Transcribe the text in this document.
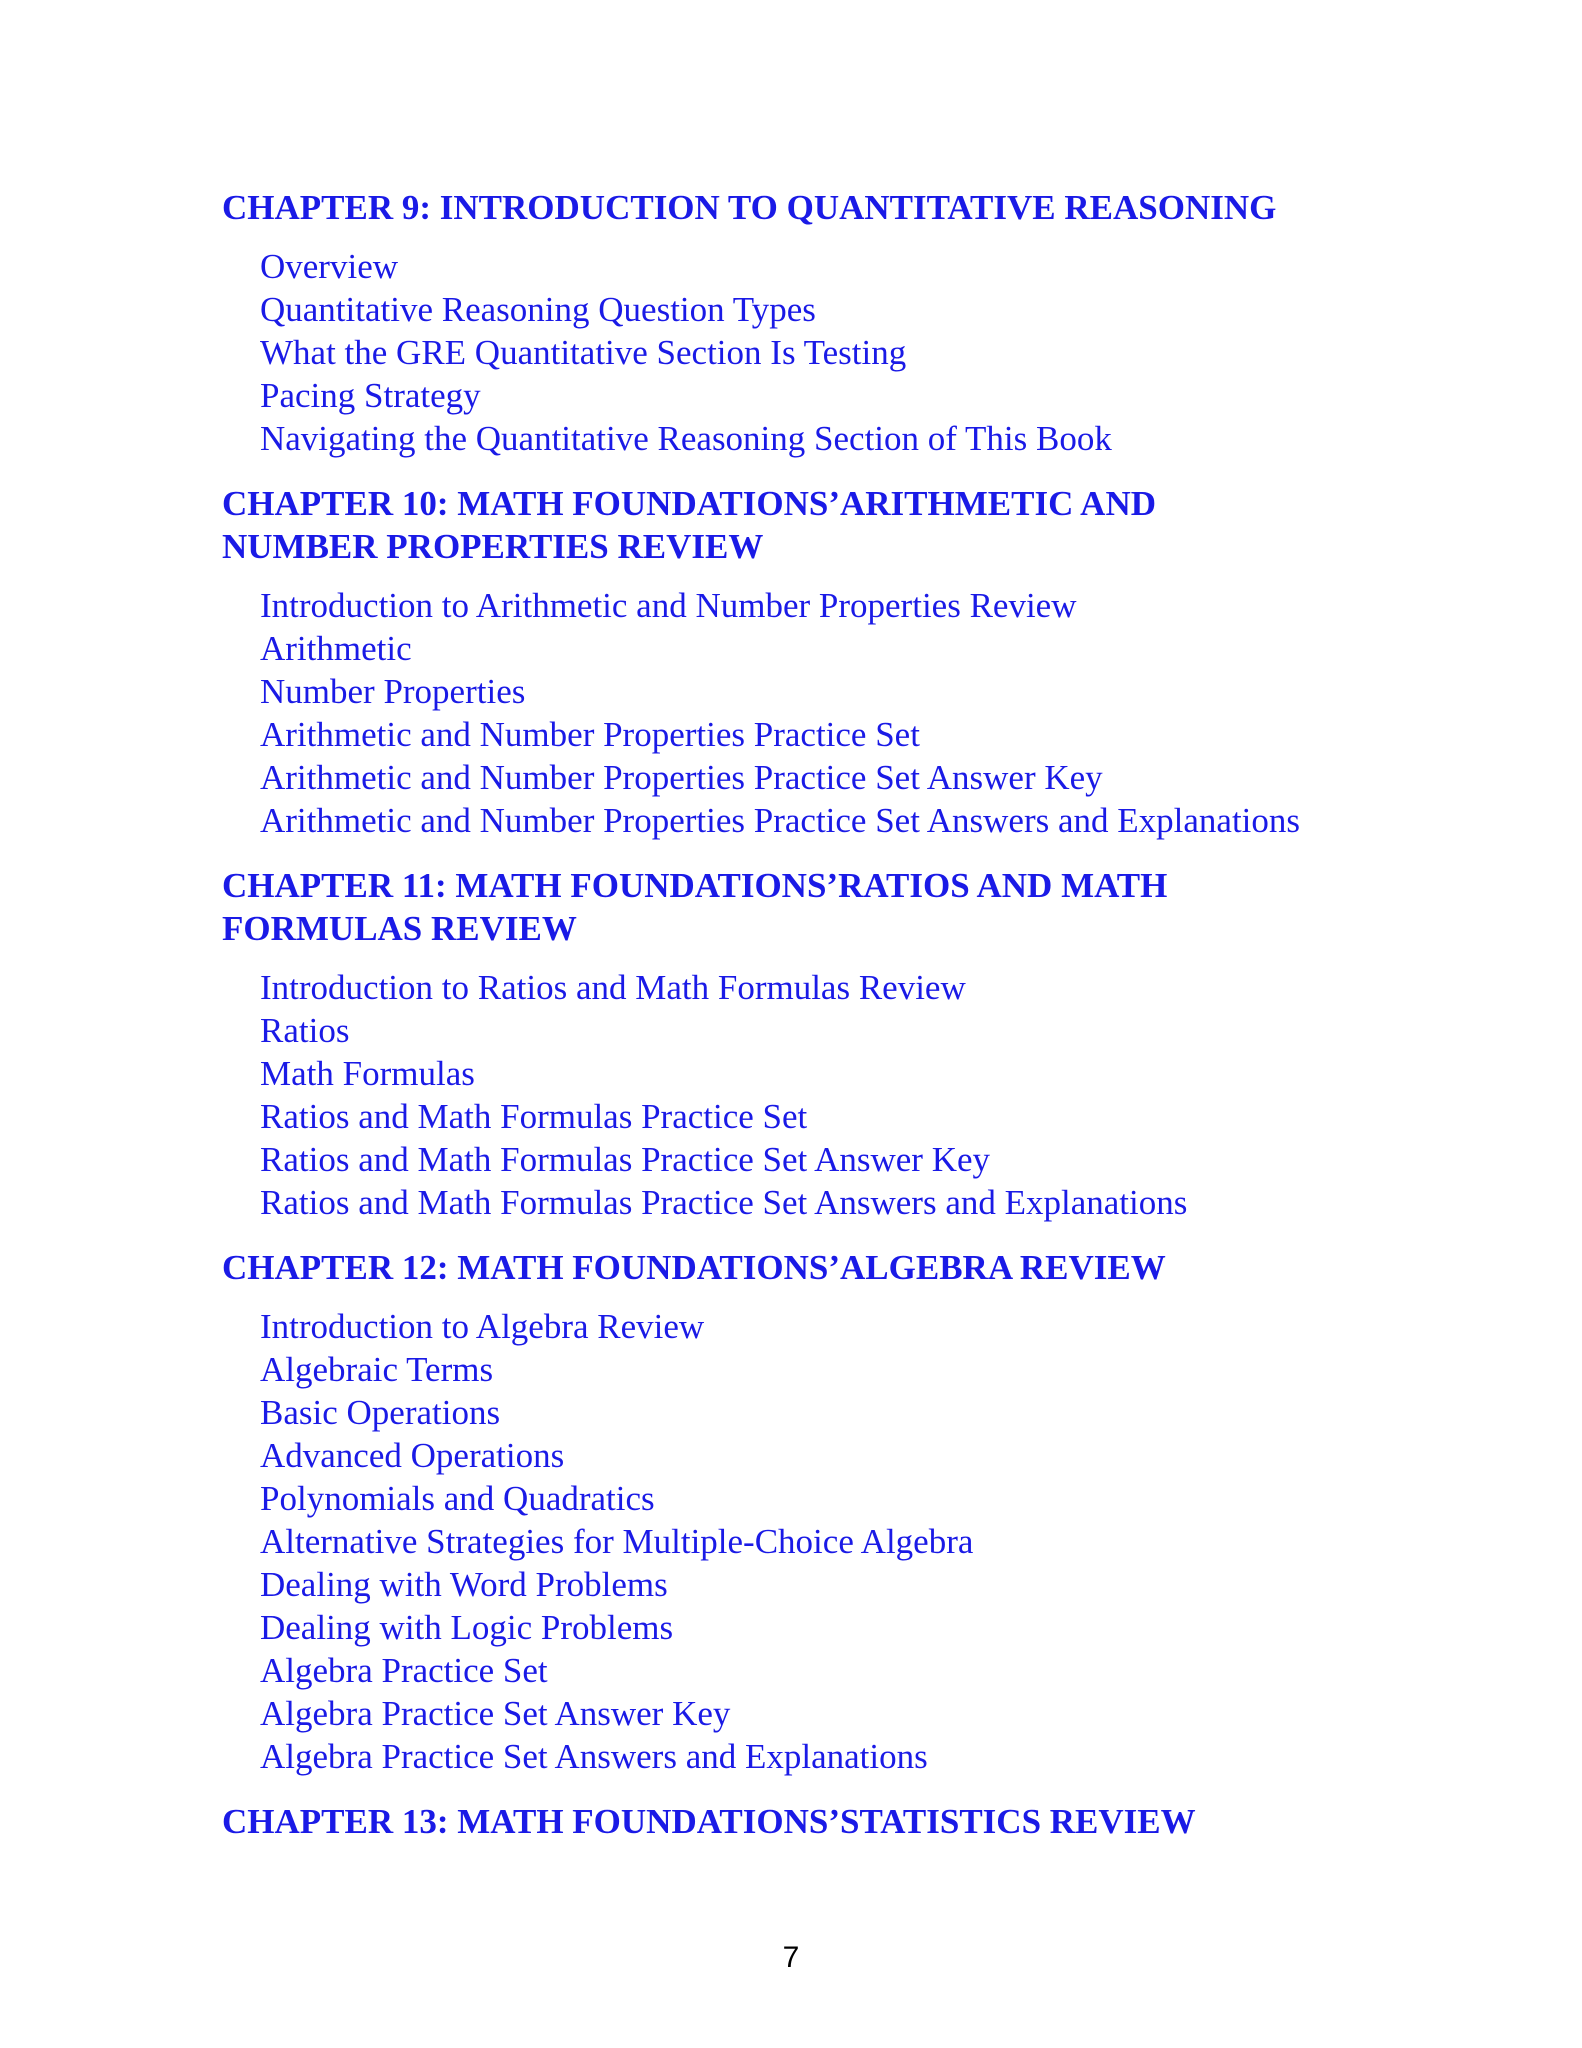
CHAPTER 9: INTRODUCTION TO QUANTITATIVE REASONING
Overview
Quantitative Reasoning Question Types
What the GRE Quantitative Section Is Testing
Pacing Strategy
Navigating the Quantitative Reasoning Section of This Book
CHAPTER 10: MATH FOUNDATIONS’ARITHMETIC AND
NUMBER PROPERTIES REVIEW
Introduction to Arithmetic and Number Properties Review
Arithmetic
Number Properties
Arithmetic and Number Properties Practice Set
Arithmetic and Number Properties Practice Set Answer Key
Arithmetic and Number Properties Practice Set Answers and Explanations
CHAPTER 11: MATH FOUNDATIONS’RATIOS AND MATH
FORMULAS REVIEW
Introduction to Ratios and Math Formulas Review
Ratios
Math Formulas
Ratios and Math Formulas Practice Set
Ratios and Math Formulas Practice Set Answer Key
Ratios and Math Formulas Practice Set Answers and Explanations
CHAPTER 12: MATH FOUNDATIONS’ALGEBRA REVIEW
Introduction to Algebra Review
Algebraic Terms
Basic Operations
Advanced Operations
Polynomials and Quadratics
Alternative Strategies for Multiple-Choice Algebra
Dealing with Word Problems
Dealing with Logic Problems
Algebra Practice Set
Algebra Practice Set Answer Key
Algebra Practice Set Answers and Explanations
CHAPTER 13: MATH FOUNDATIONS’STATISTICS REVIEW
7
